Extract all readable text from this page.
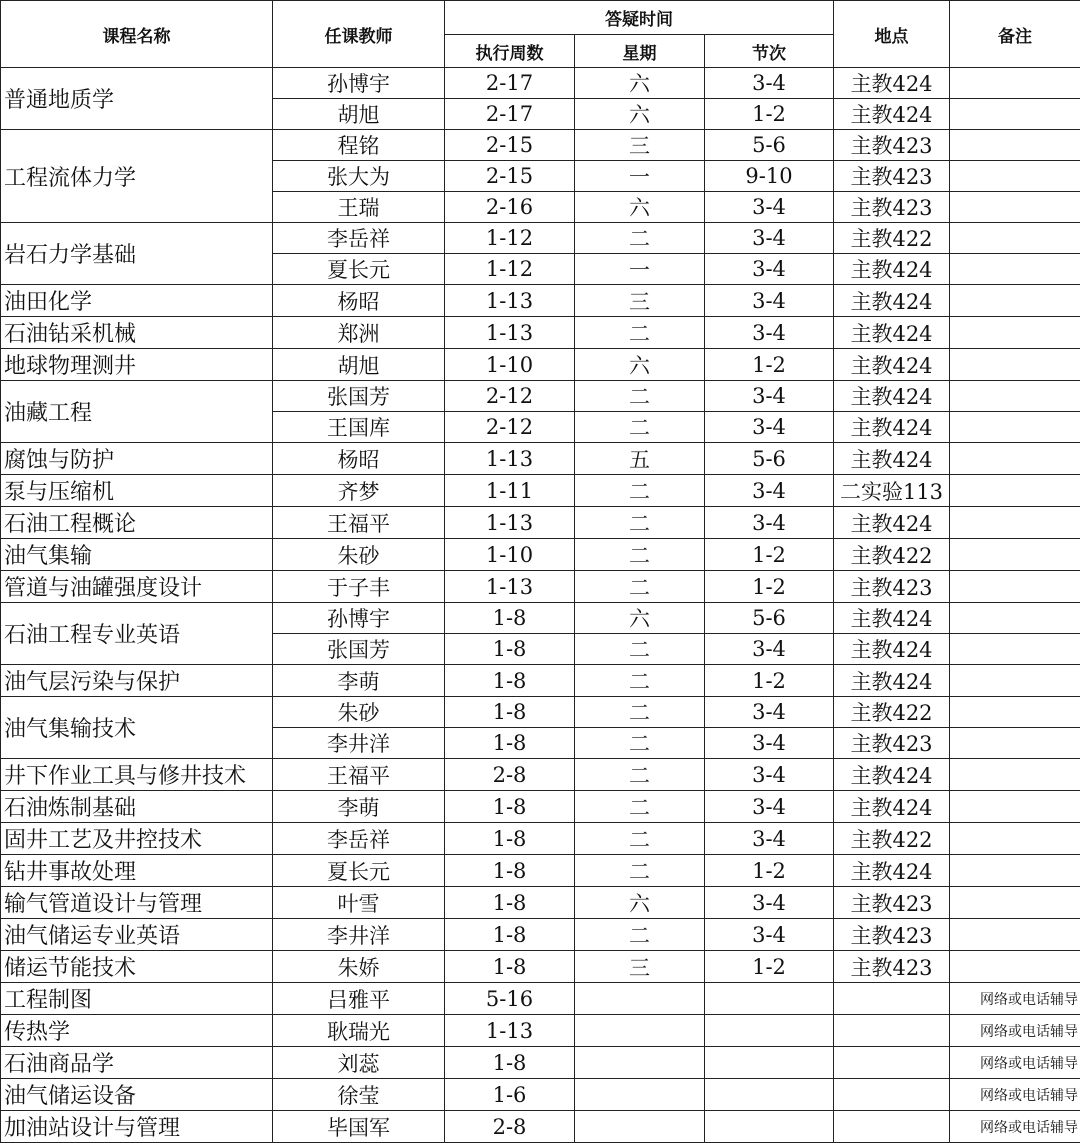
课程名称	任课教师	答疑时间			地点	备注
		执行周数	星期	节次		
普通地质学	孙博宇	2-17	六	3-4	主教424	
	胡旭	2-17	六	1-2	主教424	
工程流体力学	程铭	2-15	三	5-6	主教423	
	张大为	2-15	一	9-10	主教423	
	王瑞	2-16	六	3-4	主教423	
岩石力学基础	李岳祥	1-12	二	3-4	主教422	
	夏长元	1-12	一	3-4	主教424	
油田化学	杨昭	1-13	三	3-4	主教424	
石油钻采机械	郑洲	1-13	二	3-4	主教424	
地球物理测井	胡旭	1-10	六	1-2	主教424	
油藏工程	张国芳	2-12	二	3-4	主教424	
	王国库	2-12	二	3-4	主教424	
腐蚀与防护	杨昭	1-13	五	5-6	主教424	
泵与压缩机	齐梦	1-11	二	3-4	二实验113	
石油工程概论	王福平	1-13	二	3-4	主教424	
油气集输	朱砂	1-10	二	1-2	主教422	
管道与油罐强度设计	于子丰	1-13	二	1-2	主教423	
石油工程专业英语	孙博宇	1-8	六	5-6	主教424	
	张国芳	1-8	二	3-4	主教424	
油气层污染与保护	李萌	1-8	二	1-2	主教424	
油气集输技术	朱砂	1-8	二	3-4	主教422	
	李井洋	1-8	二	3-4	主教423	
井下作业工具与修井技术	王福平	2-8	二	3-4	主教424	
石油炼制基础	李萌	1-8	二	3-4	主教424	
固井工艺及井控技术	李岳祥	1-8	二	3-4	主教422	
钻井事故处理	夏长元	1-8	二	1-2	主教424	
输气管道设计与管理	叶雪	1-8	六	3-4	主教423	
油气储运专业英语	李井洋	1-8	二	3-4	主教423	
储运节能技术	朱娇	1-8	三	1-2	主教423	
工程制图	吕雅平	5-16				网络或电话辅导
传热学	耿瑞光	1-13				网络或电话辅导
石油商品学	刘蕊	1-8				网络或电话辅导
油气储运设备	徐莹	1-6				网络或电话辅导
加油站设计与管理	毕国军	2-8				网络或电话辅导
